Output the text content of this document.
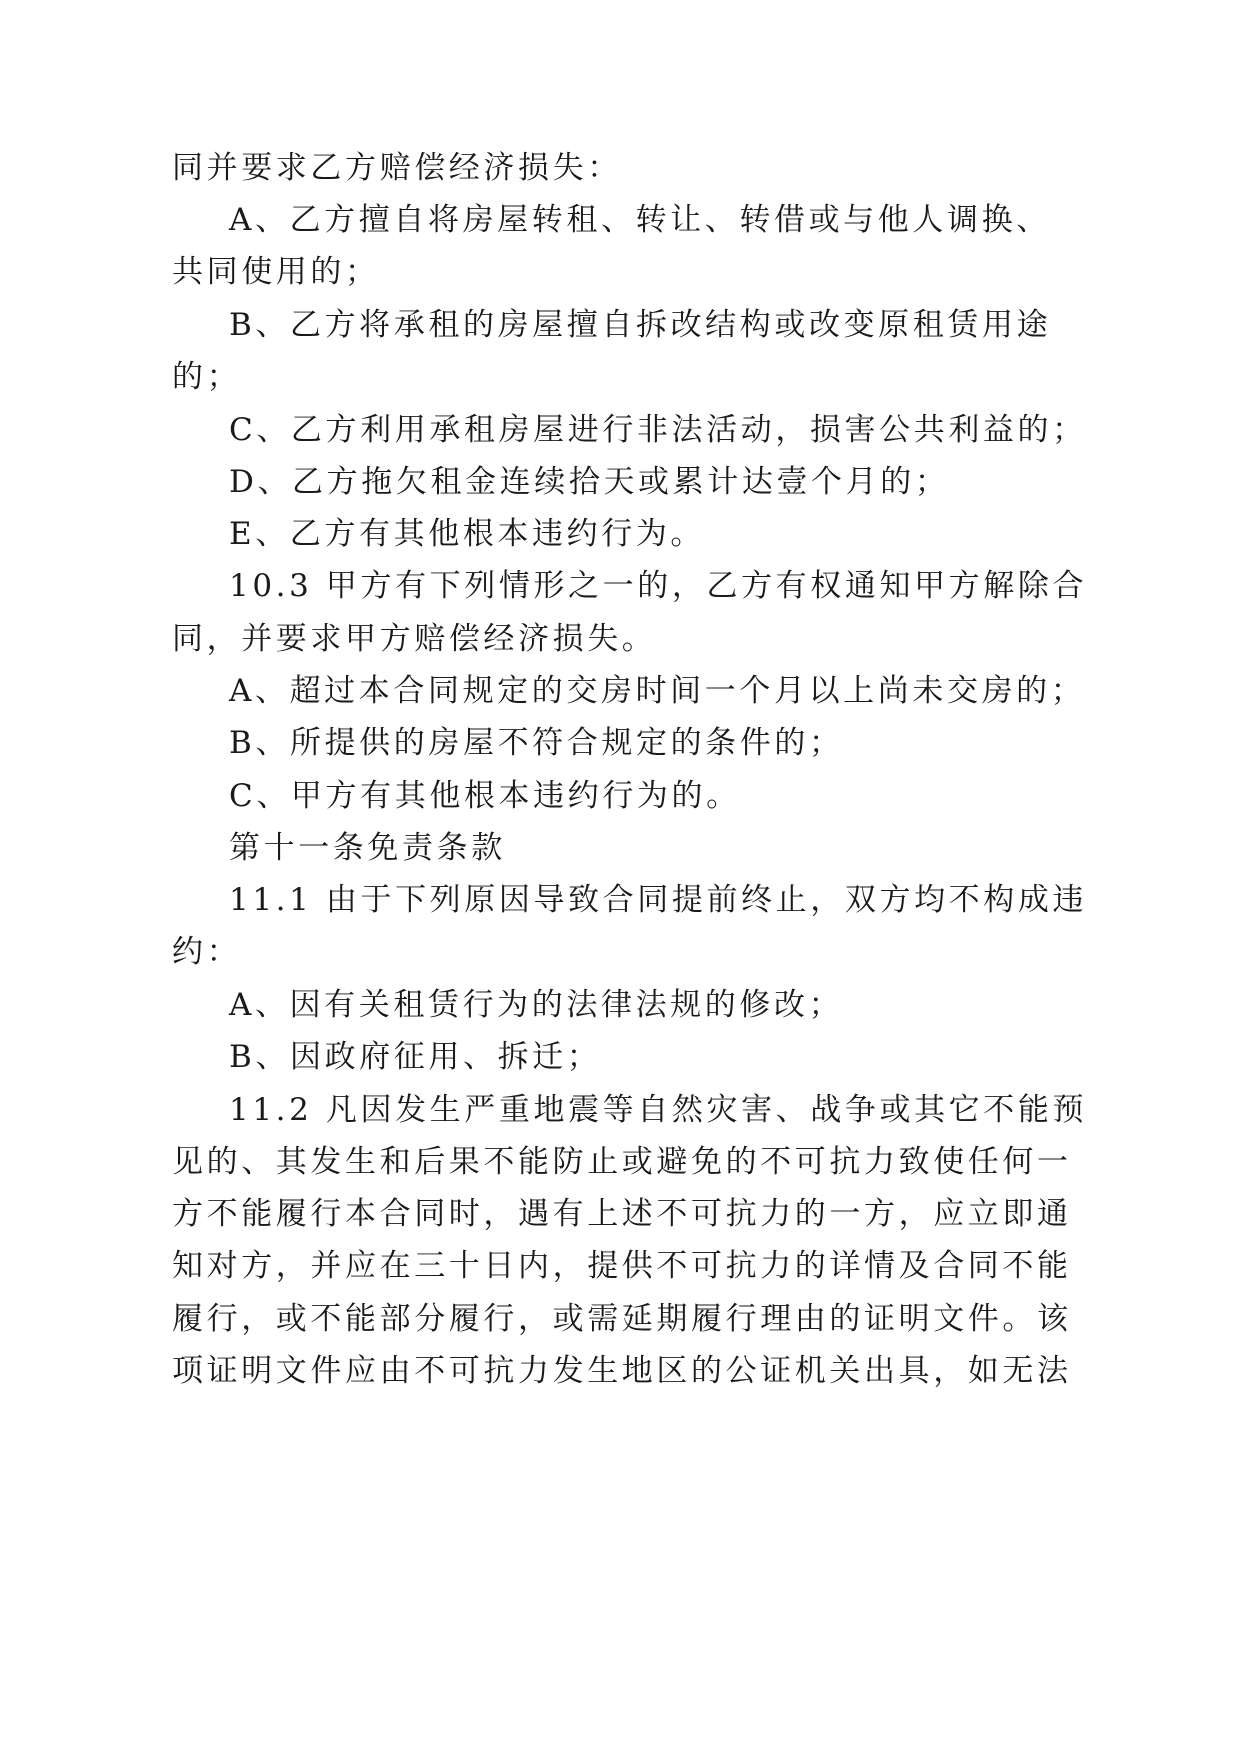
同并要求乙方赔偿经济损失：
A、乙方擅自将房屋转租、转让、转借或与他人调换、
共同使用的；
B、乙方将承租的房屋擅自拆改结构或改变原租赁用途
的；
C、乙方利用承租房屋进行非法活动，损害公共利益的；
D、乙方拖欠租金连续拾天或累计达壹个月的；
E、乙方有其他根本违约行为。
10.3 甲方有下列情形之一的，乙方有权通知甲方解除合
同，并要求甲方赔偿经济损失。
A、超过本合同规定的交房时间一个月以上尚未交房的；
B、所提供的房屋不符合规定的条件的；
C、甲方有其他根本违约行为的。
第十一条免责条款
11.1 由于下列原因导致合同提前终止，双方均不构成违
约：
A、因有关租赁行为的法律法规的修改；
B、因政府征用、拆迁；
11.2 凡因发生严重地震等自然灾害、战争或其它不能预
见的、其发生和后果不能防止或避免的不可抗力致使任何一
方不能履行本合同时，遇有上述不可抗力的一方，应立即通
知对方，并应在三十日内，提供不可抗力的详情及合同不能
履行，或不能部分履行，或需延期履行理由的证明文件。该
项证明文件应由不可抗力发生地区的公证机关出具，如无法
